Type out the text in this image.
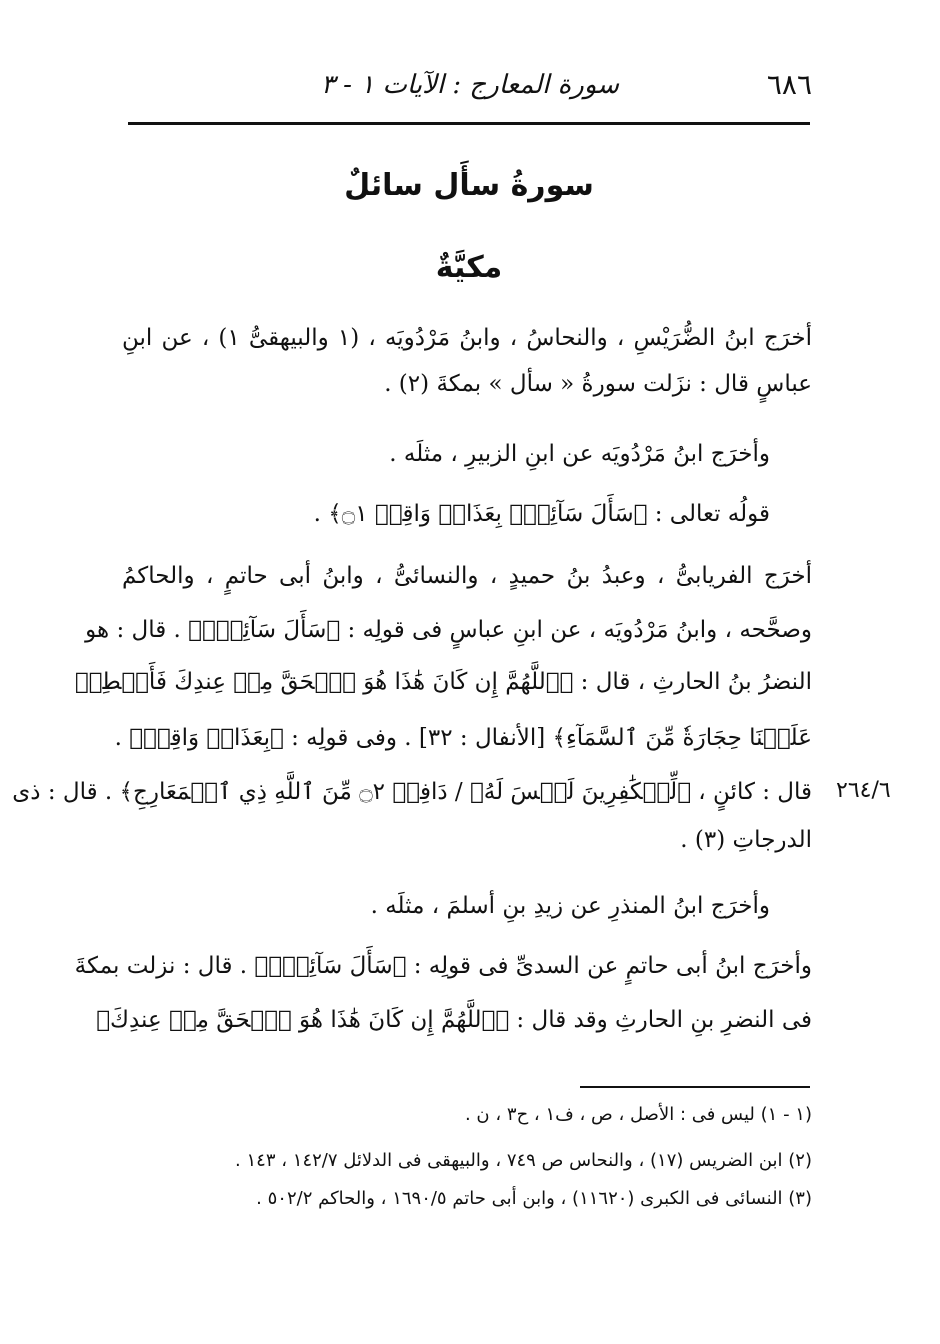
٦٨٦
سورة المعارج : الآيات ١ - ٣
سورةُ سأَل سائلٌ
مكيَّةٌ
أخرَج ابنُ الضُّرَيْسِ ، والنحاسُ ، وابنُ مَرْدُويَه ، (١ والبيهقىُّ ١) ، عن ابنِ
عباسٍ قال : نزَلت سورةُ « سأل » بمكةَ (٢) .
وأخرَج ابنُ مَرْدُويَه عن ابنِ الزبيرِ ، مثلَه .
قولُه تعالى : ﴿سَأَلَ سَآئِلُۢ بِعَذَابٖ وَاقِعٖ ۝١﴾ .
أخرَج الفريابىُّ ، وعبدُ بنُ حميدٍ ، والنسائىُّ ، وابنُ أبى حاتمٍ ، والحاكمُ
وصحَّحه ، وابنُ مَرْدُويَه ، عن ابنِ عباسٍ فى قولِه : ﴿سَأَلَ سَآئِلُۢ﴾ . قال : هو
النضرُ بنُ الحارثِ ، قال : ﴿ٱللَّهُمَّ إِن كَانَ هَٰذَا هُوَ ٱلۡحَقَّ مِنۡ عِندِكَ فَأَمۡطِرۡ
عَلَيۡنَا حِجَارَةٗ مِّنَ ٱلسَّمَآءِ﴾ [الأنفال : ٣٢] . وفى قولِه : ﴿بِعَذَابٖ وَاقِعٖ﴾ .
قال : كائنٍ ، ﴿لِّلۡكَٰفِرِينَ لَيۡسَ لَهُۥ / دَافِعٞ ۝٢ مِّنَ ٱللَّهِ ذِي ٱلۡمَعَارِجِ﴾ . قال : ذى
الدرجاتِ (٣) .
وأخرَج ابنُ المنذرِ عن زيدِ بنِ أسلمَ ، مثلَه .
وأخرَج ابنُ أبى حاتمٍ عن السدىِّ فى قولِه : ﴿سَأَلَ سَآئِلُۢ﴾ . قال : نزلت بمكةَ
فى النضرِ بنِ الحارثِ وقد قال : ﴿ٱللَّهُمَّ إِن كَانَ هَٰذَا هُوَ ٱلۡحَقَّ مِنۡ عِندِكَ﴾
٢٦٤/٦
(١ - ١) ليس فى : الأصل ، ص ، ف١ ، ح٣ ، ن .
(٢) ابن الضريس (١٧) ، والنحاس ص ٧٤٩ ، والبيهقى فى الدلائل ١٤٢/٧ ، ١٤٣ .
(٣) النسائى فى الكبرى (١١٦٢٠) ، وابن أبى حاتم ١٦٩٠/٥ ، والحاكم ٥٠٢/٢ .
